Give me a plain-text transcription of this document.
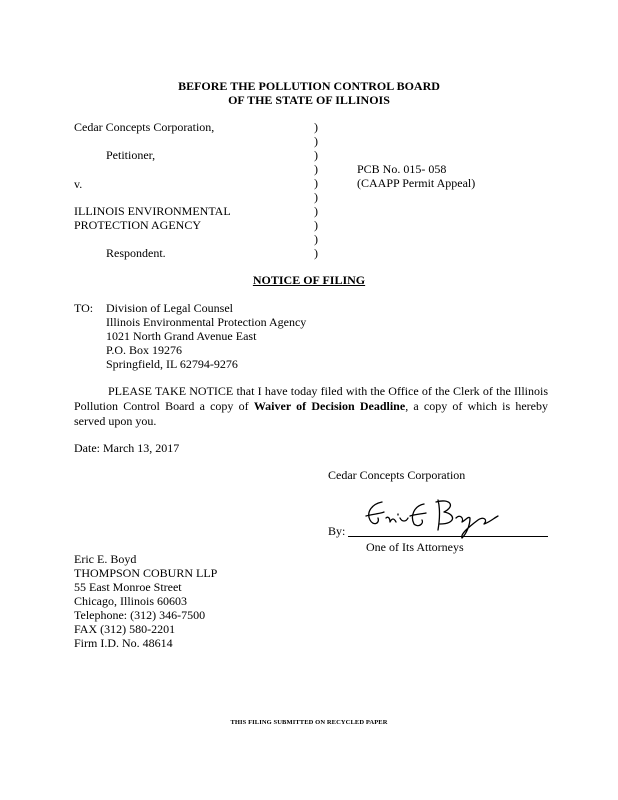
BEFORE THE POLLUTION CONTROL BOARD
OF THE STATE OF ILLINOIS
Cedar Concepts Corporation,
Petitioner,
v.
ILLINOIS ENVIRONMENTAL
PROTECTION AGENCY
Respondent.
)
)
)
)
)
)
)
)
)
)
PCB No. 015- 058
(CAAPP Permit Appeal)
NOTICE OF FILING
TO: Division of Legal Counsel
Illinois Environmental Protection Agency
1021 North Grand Avenue East
P.O. Box 19276
Springfield, IL 62794-9276
PLEASE TAKE NOTICE that I have today filed with the Office of the Clerk of the Illinois Pollution Control Board a copy of Waiver of Decision Deadline, a copy of which is hereby served upon you.
Date: March 13, 2017
Cedar Concepts Corporation
By:
One of Its Attorneys
Eric E. Boyd
THOMPSON COBURN LLP
55 East Monroe Street
Chicago, Illinois 60603
Telephone: (312) 346-7500
FAX (312) 580-2201
Firm I.D. No. 48614
THIS FILING SUBMITTED ON RECYCLED PAPER
